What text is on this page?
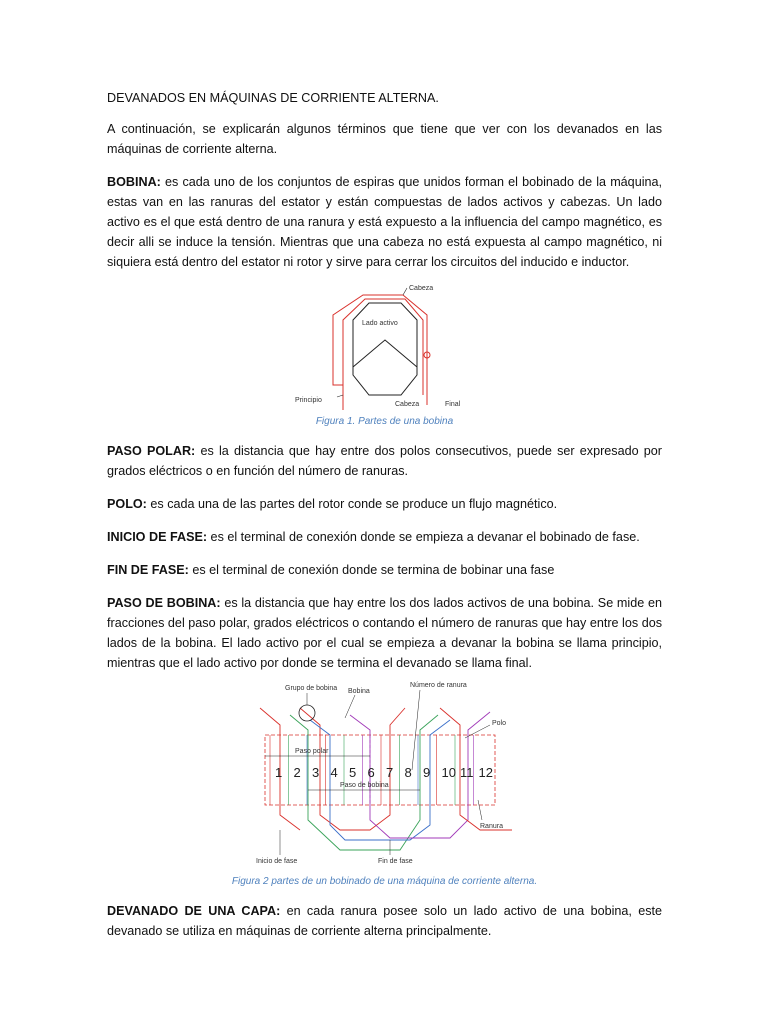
DEVANADOS EN MÁQUINAS DE CORRIENTE ALTERNA.

A continuación, se explicarán algunos términos que tiene que ver con los devanados en las máquinas de corriente alterna.

BOBINA: es cada uno de los conjuntos de espiras que unidos forman el bobinado de la máquina, estas van en las ranuras del estator y están compuestas de lados activos y cabezas. Un lado activo es el que está dentro de una ranura y está expuesto a la influencia del campo magnético, es decir alli se induce la tensión. Mientras que una cabeza no está expuesta al campo magnético, ni siquiera está dentro del estator ni rotor y sirve para cerrar los circuitos del inducido e inductor.

Cabeza
Lado activo
Principio
Cabeza	Final
Figura 1. Partes de una bobina

PASO POLAR: es la distancia que hay entre dos polos consecutivos, puede ser expresado por grados eléctricos o en función del número de ranuras.

POLO: es cada una de las partes del rotor conde se produce un flujo magnético.

INICIO DE FASE: es el terminal de conexión donde se empieza a devanar el bobinado de fase.

FIN DE FASE: es el terminal de conexión donde se termina de bobinar una fase

PASO DE BOBINA: es la distancia que hay entre los dos lados activos de una bobina. Se mide en fracciones del paso polar, grados eléctricos o contando el número de ranuras que hay entre los dos lados de la bobina. El lado activo por el cual se empieza a devanar la bobina se llama principio, mientras que el lado activo por donde se termina el devanado se llama final.

1 2 3 4 5 6 7 8 9 10 11 12
Grupo de bobina Bobina
Número de ranura
Polo
Paso polar
Paso de bobina
Ranura
Inicio de fase	Fin de fase
Figura 2 partes de un bobinado de una máquina de corriente alterna.

DEVANADO DE UNA CAPA: en cada ranura posee solo un lado activo de una bobina, este devanado se utiliza en máquinas de corriente alterna principalmente.
